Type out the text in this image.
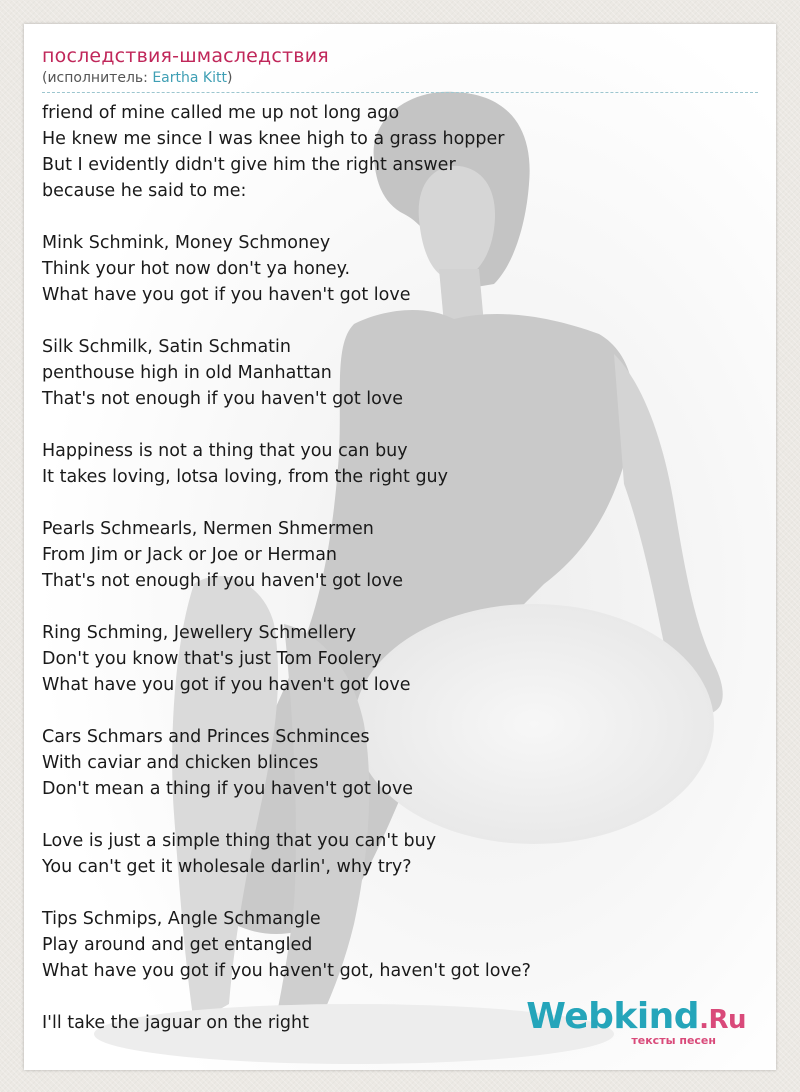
последствия-шмаследствия
(исполнитель: Eartha Kitt)
friend of mine called me up not long ago
He knew me since I was knee high to a grass hopper
But I evidently didn't give him the right answer
because he said to me:
Mink Schmink, Money Schmoney
Think your hot now don't ya honey.
What have you got if you haven't got love
Silk Schmilk, Satin Schmatin
penthouse high in old Manhattan
That's not enough if you haven't got love
Happiness is not a thing that you can buy
It takes loving, lotsa loving, from the right guy
Pearls Schmearls, Nermen Shmermen
From Jim or Jack or Joe or Herman
That's not enough if you haven't got love
Ring Schming, Jewellery Schmellery
Don't you know that's just Tom Foolery
What have you got if you haven't got love
Cars Schmars and Princes Schminces
With caviar and chicken blinces
Don't mean a thing if you haven't got love
Love is just a simple thing that you can't buy
You can't get it wholesale darlin', why try?
Tips Schmips, Angle Schmangle
Play around and get entangled
What have you got if you haven't got, haven't got love?
I'll take the jaguar on the right	Webkind.Ru
тексты песен
